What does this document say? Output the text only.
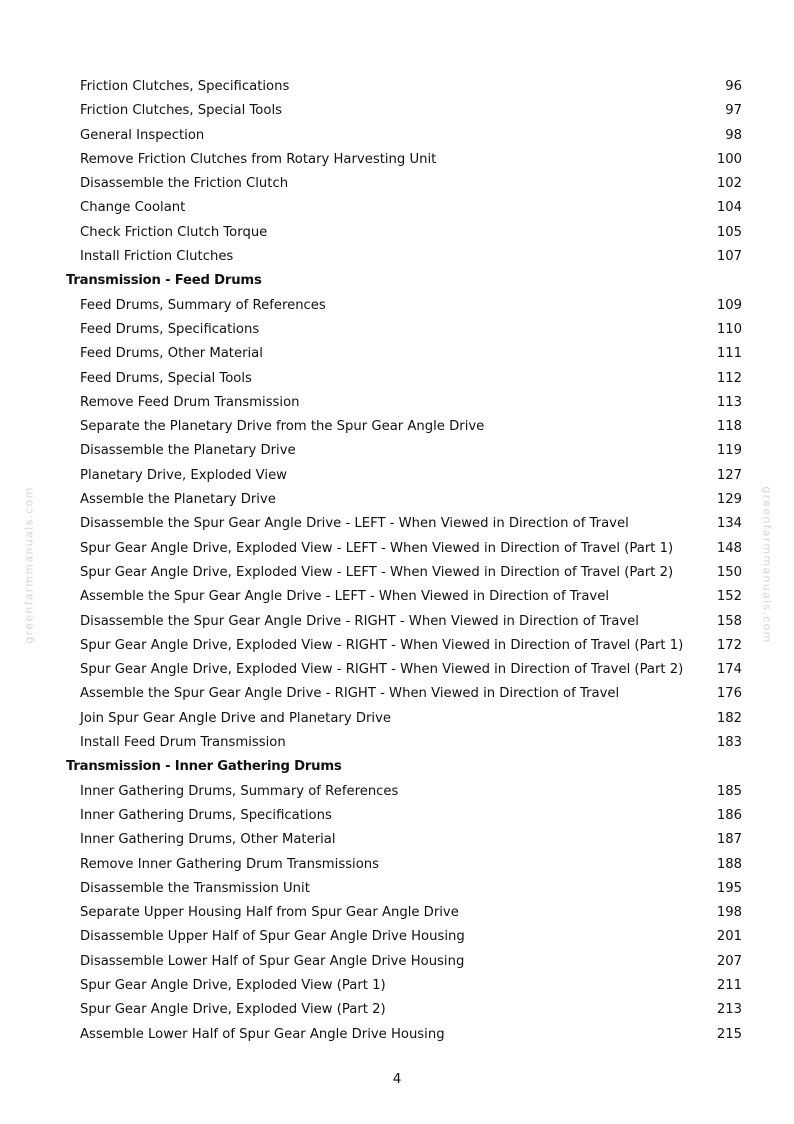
Friction Clutches, Specifications	96
Friction Clutches, Special Tools	97
General Inspection	98
Remove Friction Clutches from Rotary Harvesting Unit	100
Disassemble the Friction Clutch	102
Change Coolant	104
Check Friction Clutch Torque	105
Install Friction Clutches	107
Transmission - Feed Drums
Feed Drums, Summary of References	109
Feed Drums, Specifications	110
Feed Drums, Other Material	111
Feed Drums, Special Tools	112
Remove Feed Drum Transmission	113
Separate the Planetary Drive from the Spur Gear Angle Drive	118
Disassemble the Planetary Drive	119
Planetary Drive, Exploded View	127
Assemble the Planetary Drive	129
Disassemble the Spur Gear Angle Drive - LEFT - When Viewed in Direction of Travel	134
Spur Gear Angle Drive, Exploded View - LEFT - When Viewed in Direction of Travel (Part 1)	148
Spur Gear Angle Drive, Exploded View - LEFT - When Viewed in Direction of Travel (Part 2)	150
Assemble the Spur Gear Angle Drive - LEFT - When Viewed in Direction of Travel	152
Disassemble the Spur Gear Angle Drive - RIGHT - When Viewed in Direction of Travel	158
Spur Gear Angle Drive, Exploded View - RIGHT - When Viewed in Direction of Travel (Part 1)	172
Spur Gear Angle Drive, Exploded View - RIGHT - When Viewed in Direction of Travel (Part 2)	174
Assemble the Spur Gear Angle Drive - RIGHT - When Viewed in Direction of Travel	176
Join Spur Gear Angle Drive and Planetary Drive	182
Install Feed Drum Transmission	183
Transmission - Inner Gathering Drums
Inner Gathering Drums, Summary of References	185
Inner Gathering Drums, Specifications	186
Inner Gathering Drums, Other Material	187
Remove Inner Gathering Drum Transmissions	188
Disassemble the Transmission Unit	195
Separate Upper Housing Half from Spur Gear Angle Drive	198
Disassemble Upper Half of Spur Gear Angle Drive Housing	201
Disassemble Lower Half of Spur Gear Angle Drive Housing	207
Spur Gear Angle Drive, Exploded View (Part 1)	211
Spur Gear Angle Drive, Exploded View (Part 2)	213
Assemble Lower Half of Spur Gear Angle Drive Housing	215
greenfarmmanuals.com	greenfarmmanuals.com
4
